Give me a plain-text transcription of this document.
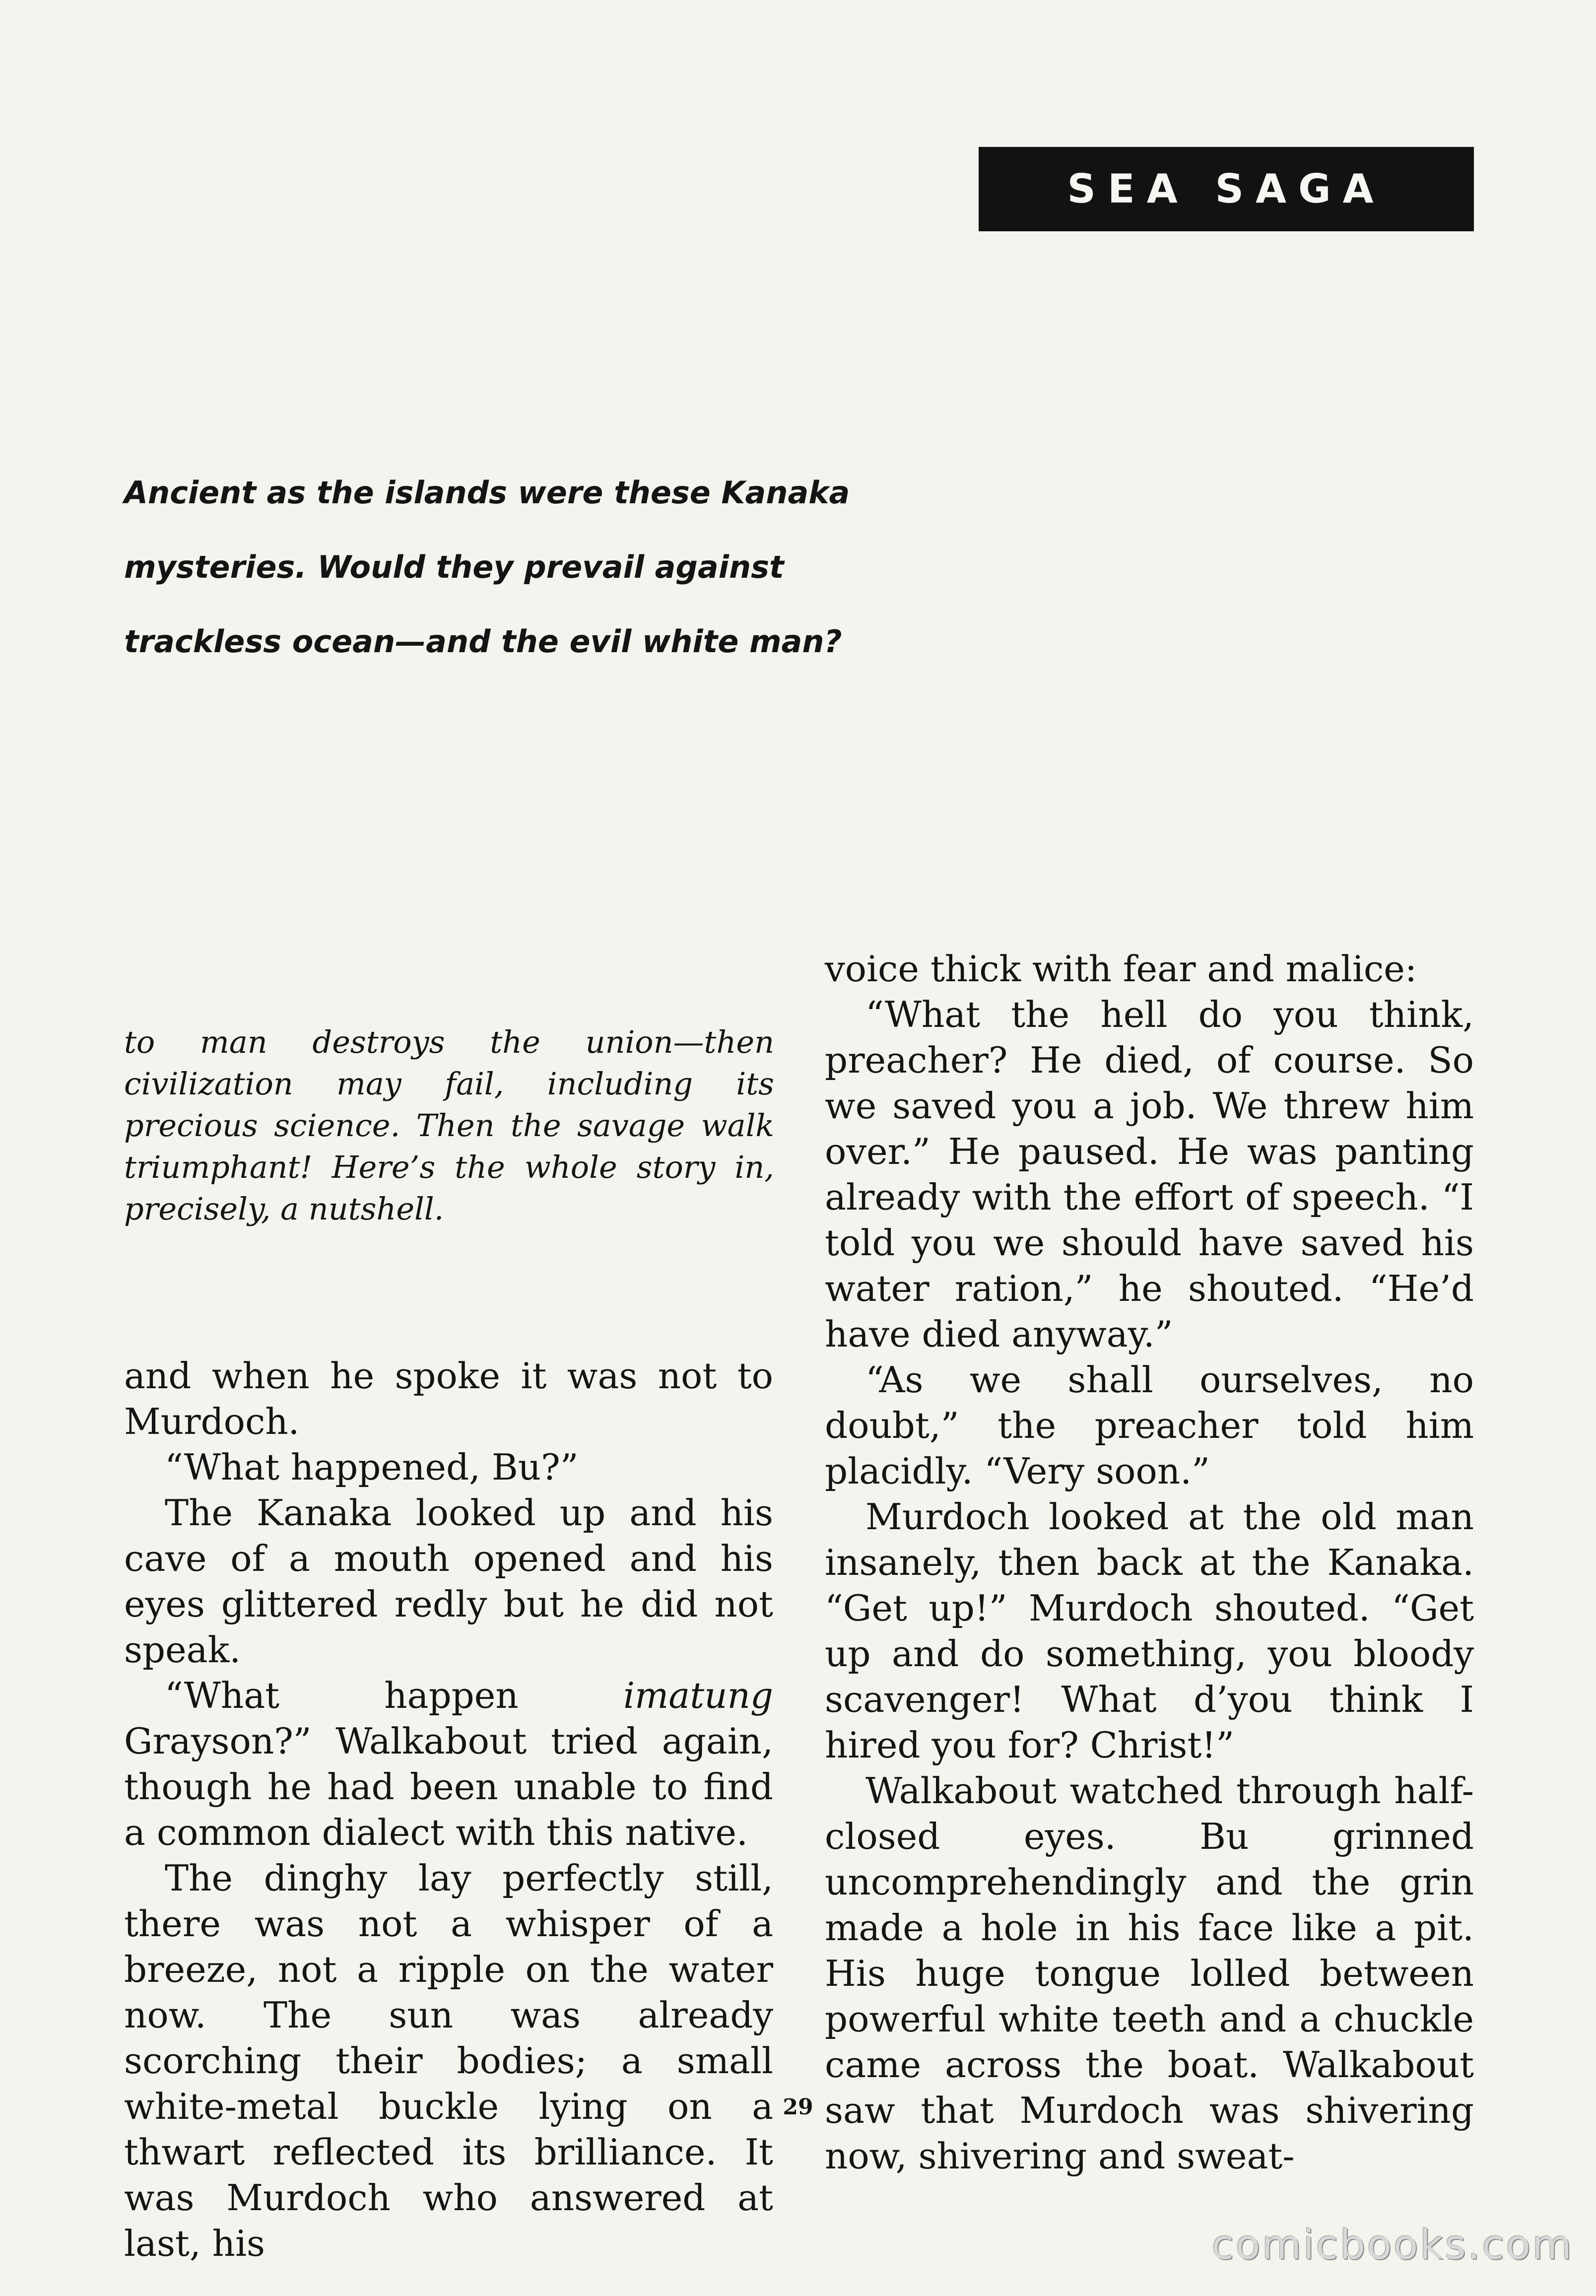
SEA SAGA
Ancient as the islands were these Kanaka
mysteries. Would they prevail against
trackless ocean—and the evil white man?
to man destroys the union—then civilization may fail, including its precious science. Then the savage walk triumphant! Here’s the whole story in, precisely, a nutshell.

and when he spoke it was not to Murdoch.

“What happened, Bu?”

The Kanaka looked up and his cave of a mouth opened and his eyes glittered redly but he did not speak.

“What happen imatung Grayson?” Walkabout tried again, though he had been unable to find a common dialect with this native.

The dinghy lay perfectly still, there was not a whisper of a breeze, not a ripple on the water now. The sun was already scorching their bodies; a small white-metal buckle lying on a thwart reflected its brilliance. It was Murdoch who answered at last, his

voice thick with fear and malice:

“What the hell do you think, preacher? He died, of course. So we saved you a job. We threw him over.” He paused. He was panting already with the effort of speech. “I told you we should have saved his water ration,” he shouted. “He’d have died anyway.”

“As we shall ourselves, no doubt,” the preacher told him placidly. “Very soon.”

Murdoch looked at the old man insanely, then back at the Kanaka. “Get up!” Murdoch shouted. “Get up and do something, you bloody scavenger! What d’you think I hired you for? Christ!”

Walkabout watched through half-closed eyes. Bu grinned uncomprehendingly and the grin made a hole in his face like a pit. His huge tongue lolled between powerful white teeth and a chuckle came across the boat. Walkabout saw that Murdoch was shivering now, shivering and sweat-

29
comicbooks.com
